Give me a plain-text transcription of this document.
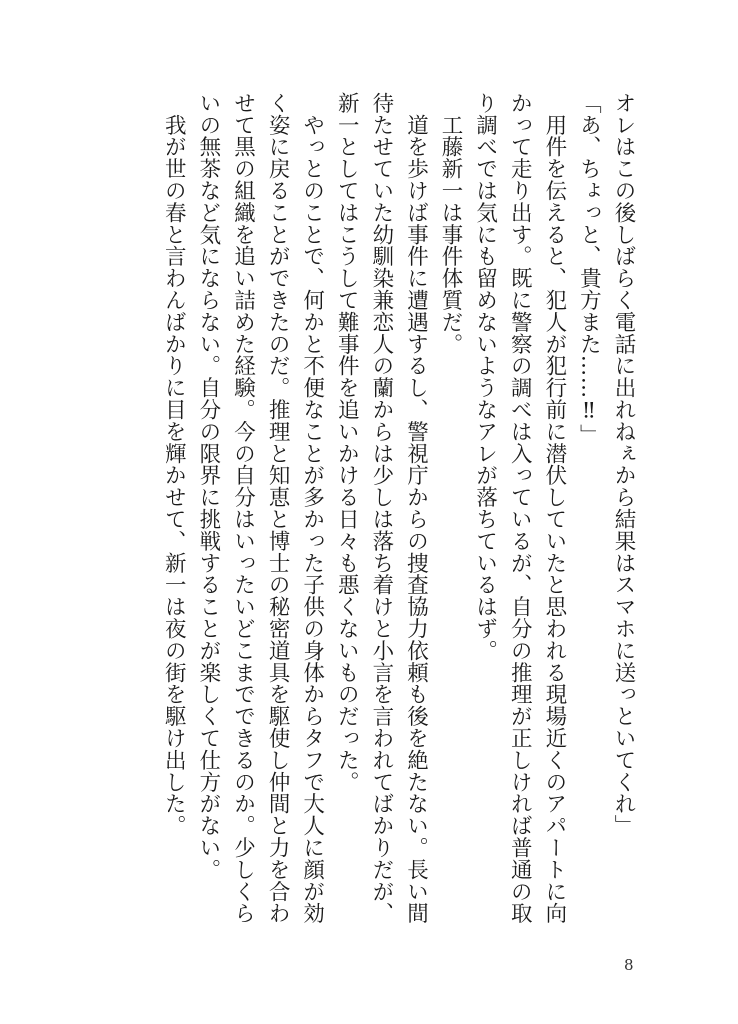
オレはこの後しばらく電話に出れねぇから結果はスマホに送っといてくれ」
「あ、ちょっと、貴方また……‼」
　用件を伝えると、犯人が犯行前に潜伏していたと思われる現場近くのアパートに向
かって走り出す。既に警察の調べは入っているが、自分の推理が正しければ普通の取
り調べでは気にも留めないようなアレが落ちているはず。
　工藤新一は事件体質だ。
　道を歩けば事件に遭遇するし、警視庁からの捜査協力依頼も後を絶たない。長い間
待たせていた幼馴染兼恋人の蘭からは少しは落ち着けと小言を言われてばかりだが、
新一としてはこうして難事件を追いかける日々も悪くないものだった。
　やっとのことで、何かと不便なことが多かった子供の身体からタフで大人に顔が効
く姿に戻ることができたのだ。推理と知恵と博士の秘密道具を駆使し仲間と力を合わ
せて黒の組織を追い詰めた経験。今の自分はいったいどこまでできるのか。少しくら
いの無茶など気にならない。自分の限界に挑戦することが楽しくて仕方がない。
　我が世の春と言わんばかりに目を輝かせて、新一は夜の街を駆け出した。
8
